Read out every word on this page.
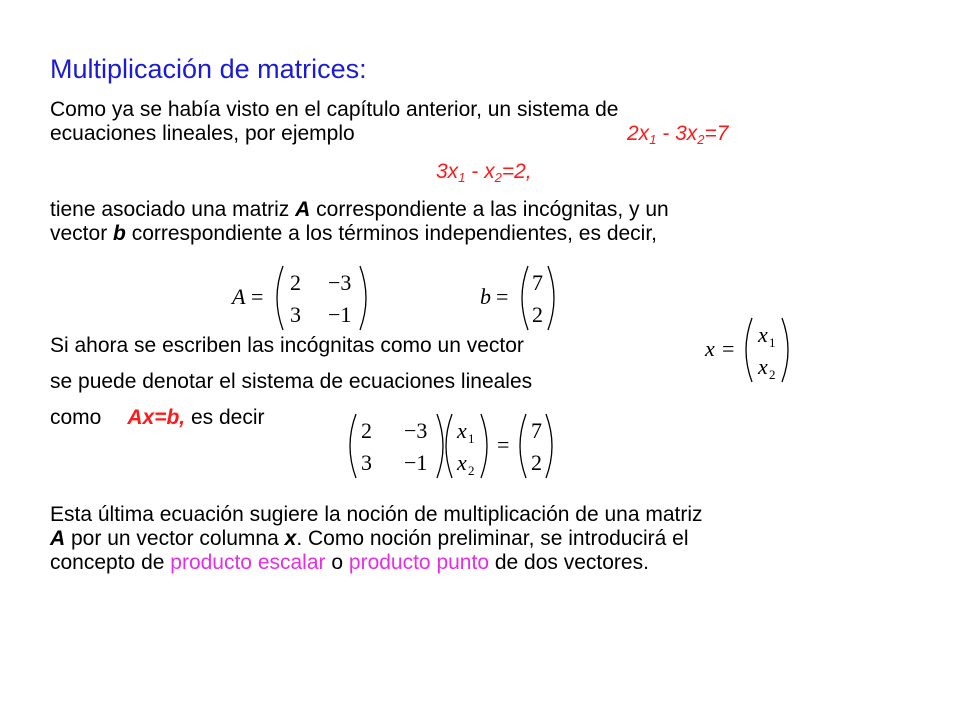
Multiplicación de matrices:
Como ya se había visto en el capítulo anterior, un sistema de
ecuaciones lineales, por ejemplo	$2x_1 - 3x_2=7$
$3x_1 - x_2=2$,
tiene asociado una matriz A correspondiente a las incógnitas, y un
vector b correspondiente a los términos independientes, es decir,
A =
2 −3
3 −1
b =
7
2
Si ahora se escriben las incógnitas como un vector
se puede denotar el sistema de ecuaciones lineales
como Ax=b, es decir
x =
x 1
x 2
2 −3
3 −1
x 1
x 2
=
7
2
Esta última ecuación sugiere la noción de multiplicación de una matriz
A por un vector columna x. Como noción preliminar, se introducirá el
concepto de producto escalar o producto punto de dos vectores.
